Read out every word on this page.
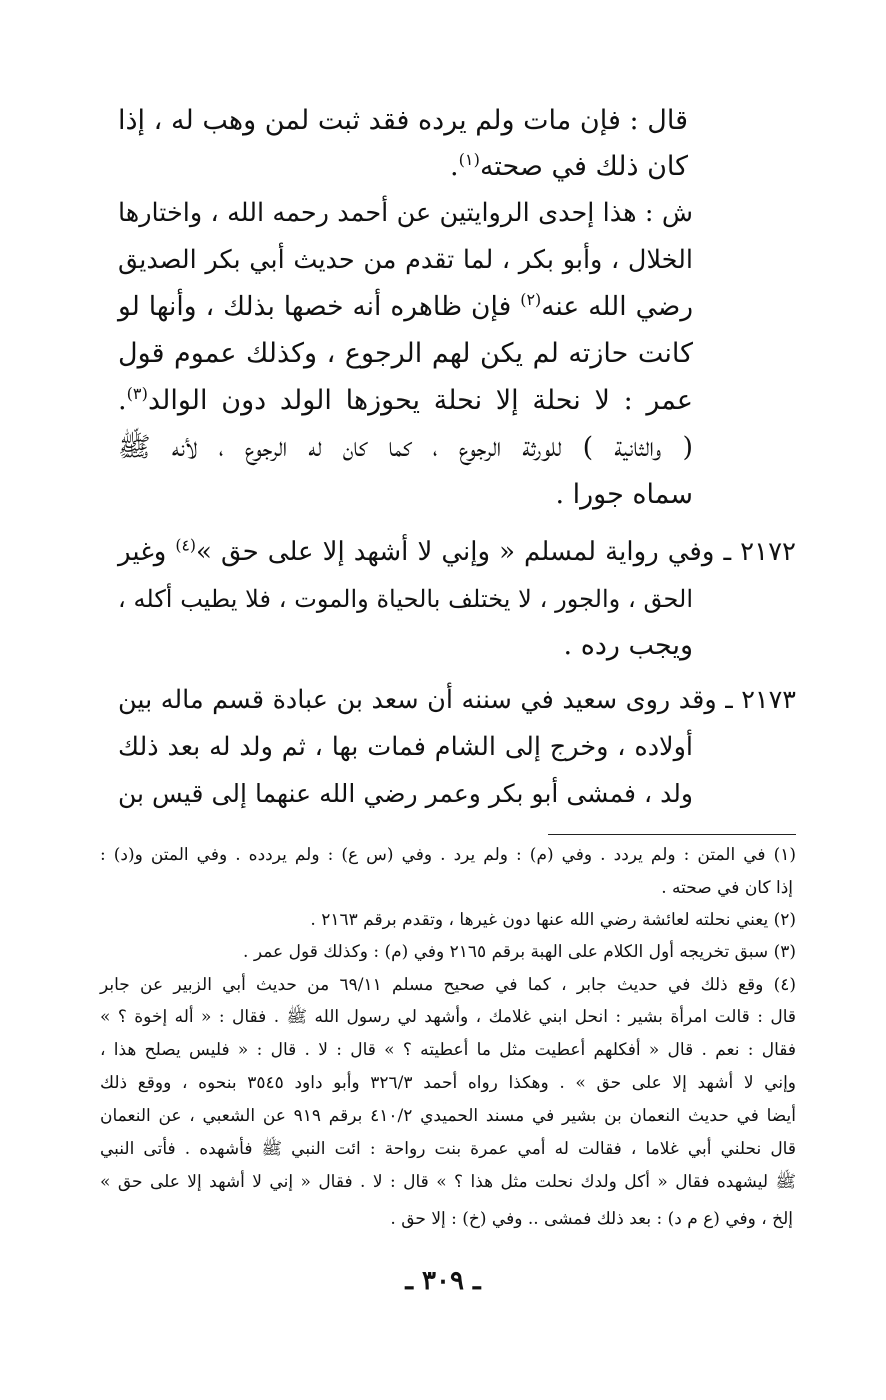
قال : فإن مات ولم يرده فقد ثبت لمن وهب له ، إذا
كان ذلك في صحته$^{(١)}$.
ش : هذا إحدى الروايتين عن أحمد رحمه الله ، واختارها
الخلال ، وأبو بكر ، لما تقدم من حديث أبي بكر الصديق
رضي الله عنه$^{(٢)}$ فإن ظاهره أنه خصها بذلك ، وأنها لو
كانت حازته لم يكن لهم الرجوع ، وكذلك عموم قول
عمر : لا نحلة إلا نحلة يحوزها الولد دون الوالد$^{(٣)}$.
( والثانية ) للورثة الرجوع ، كما كان له الرجوع ، لأنه ﷺ
سماه جورا .
٢١٧٢ ـ وفي رواية لمسلم « وإني لا أشهد إلا على حق »$^{(٤)}$ وغير
الحق ، والجور ، لا يختلف بالحياة والموت ، فلا يطيب أكله ،
ويجب رده .
٢١٧٣ ـ وقد روى سعيد في سننه أن سعد بن عبادة قسم ماله بين
أولاده ، وخرج إلى الشام فمات بها ، ثم ولد له بعد ذلك
ولد ، فمشى أبو بكر وعمر رضي الله عنهما إلى قيس بن
(١) في المتن : ولم يردد . وفي (م) : ولم يرد . وفي (س ع) : ولم يردده . وفي المتن و(د) :
إذا كان في صحته .
(٢) يعني نحلته لعائشة رضي الله عنها دون غيرها ، وتقدم برقم ٢١٦٣ .
(٣) سبق تخريجه أول الكلام على الهبة برقم ٢١٦٥ وفي (م) : وكذلك قول عمر .
(٤) وقع ذلك في حديث جابر ، كما في صحيح مسلم ٦٩/١١ من حديث أبي الزبير عن جابر
قال : قالت امرأة بشير : انحل ابني غلامك ، وأشهد لي رسول الله ﷺ . فقال : « أله إخوة ؟ »
فقال : نعم . قال « أفكلهم أعطيت مثل ما أعطيته ؟ » قال : لا . قال : « فليس يصلح هذا ،
وإني لا أشهد إلا على حق » . وهكذا رواه أحمد ٣٢٦/٣ وأبو داود ٣٥٤٥ بنحوه ، ووقع ذلك
أيضا في حديث النعمان بن بشير في مسند الحميدي ٤١٠/٢ برقم ٩١٩ عن الشعبي ، عن النعمان
قال نحلني أبي غلاما ، فقالت له أمي عمرة بنت رواحة : ائت النبي ﷺ فأشهده . فأتى النبي
ﷺ ليشهده فقال « أكل ولدك نحلت مثل هذا ؟ » قال : لا . فقال « إني لا أشهد إلا على حق »
إلخ ، وفي (ع م د) : بعد ذلك فمشى .. وفي (خ) : إلا حق .
ـ ٣٠٩ ـ
